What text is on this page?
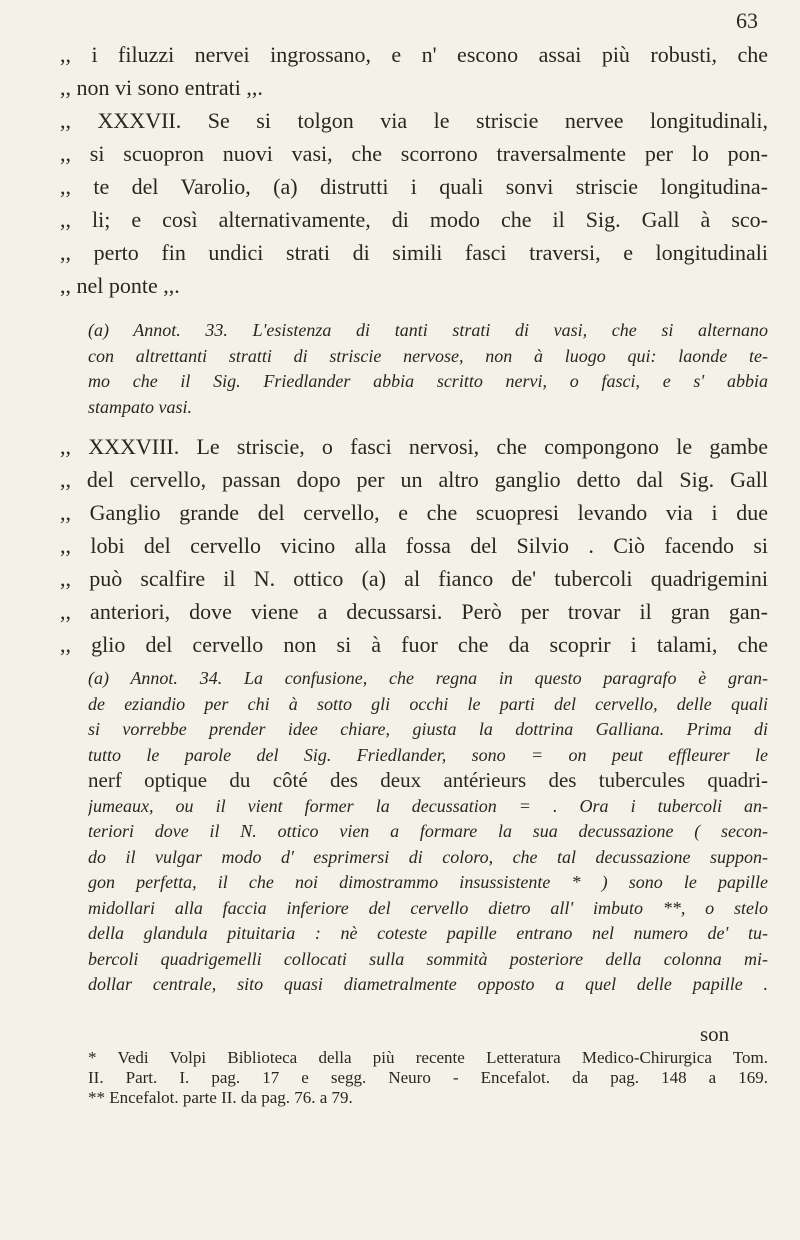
63
,, i filuzzi nervei ingrossano, e n' escono assai più robusti, che
,, non vi sono entrati ,,.
,, XXXVII. Se si tolgon via le striscie nervee longitudinali,
,, si scuopron nuovi vasi, che scorrono traversalmente per lo pon-
,, te del Varolio, (a) distrutti i quali sonvi striscie longitudina-
,, li; e così alternativamente, di modo che il Sig. Gall à sco-
,, perto fin undici strati di simili fasci traversi, e longitudinali
,, nel ponte ,,.
(a) Annot. 33. L'esistenza di tanti strati di vasi, che si alternano
con altrettanti stratti di striscie nervose, non à luogo qui: laonde te-
mo che il Sig. Friedlander abbia scritto nervi, o fasci, e s' abbia
stampato vasi.
,, XXXVIII. Le striscie, o fasci nervosi, che compongono le gambe
,, del cervello, passan dopo per un altro ganglio detto dal Sig. Gall
,, Ganglio grande del cervello, e che scuopresi levando via i due
,, lobi del cervello vicino alla fossa del Silvio . Ciò facendo si
,, può scalfire il N. ottico (a) al fianco de' tubercoli quadrigemini
,, anteriori, dove viene a decussarsi. Però per trovar il gran gan-
,, glio del cervello non si à fuor che da scoprir i talami, che
(a) Annot. 34. La confusione, che regna in questo paragrafo è gran-
de eziandio per chi à sotto gli occhi le parti del cervello, delle quali
si vorrebbe prender idee chiare, giusta la dottrina Galliana. Prima di
tutto le parole del Sig. Friedlander, sono = on peut effleurer le
nerf optique du côté des deux antérieurs des tubercules quadri-
jumeaux, ou il vient former la decussation = . Ora i tubercoli an-
teriori dove il N. ottico vien a formare la sua decussazione ( secon-
do il vulgar modo d' esprimersi di coloro, che tal decussazione suppon-
gon perfetta, il che noi dimostrammo insussistente * ) sono le papille
midollari alla faccia inferiore del cervello dietro all' imbuto **, o stelo
della glandula pituitaria : nè coteste papille entrano nel numero de' tu-
bercoli quadrigemelli collocati sulla sommità posteriore della colonna mi-
dollar centrale, sito quasi diametralmente opposto a quel delle papille .
son
* Vedi Volpi Biblioteca della più recente Letteratura Medico-Chirurgica Tom.
II. Part. I. pag. 17 e segg. Neuro - Encefalot. da pag. 148 a 169.
** Encefalot. parte II. da pag. 76. a 79.
